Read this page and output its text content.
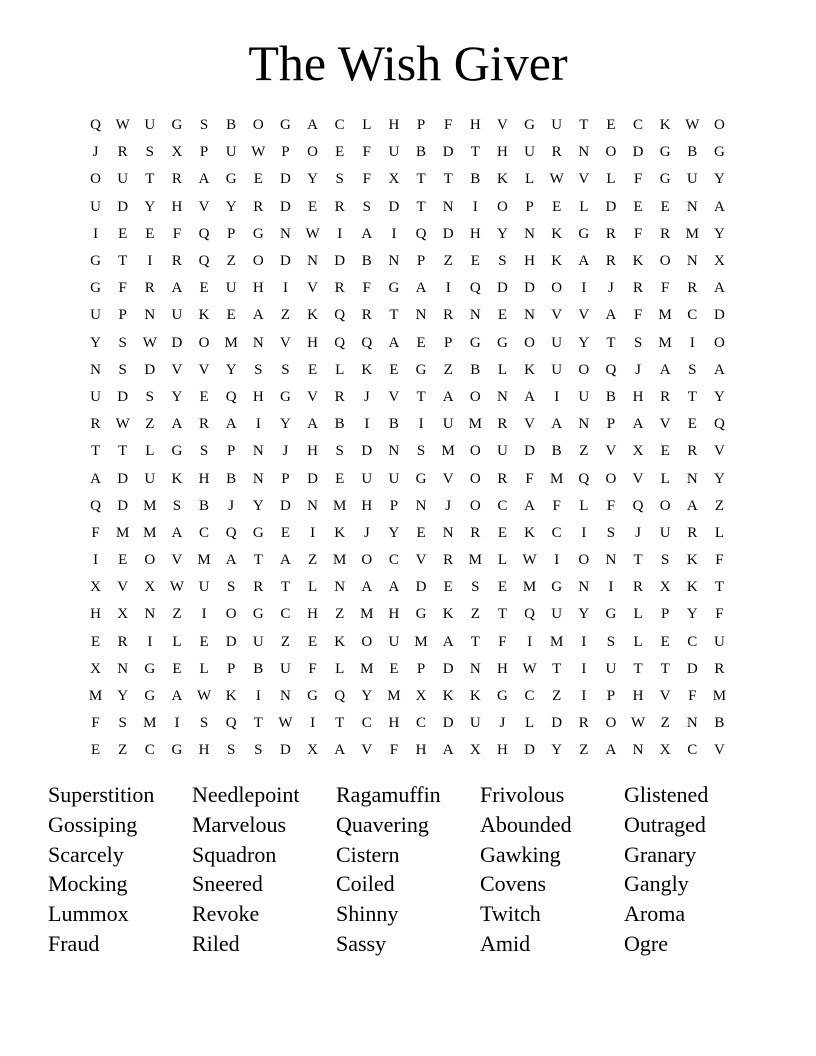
The Wish Giver
Q W U	G	S	B	O	G	A	C	L	H	P	F	H	V	G	U	T	E	C	K W O
J	R	S	X	P	U W	P	O	E	F	U	B	D	T	H	U	R	N	O	D	G	B	G
O	U	T	R	A	G	E	D	Y	S	F	X	T	T	B	K	L	W V	L	F	G	U	Y
U	D	Y	H	V	Y	R	D	E	R	S	D	T	N	I	O	P	E	L	D	E	E	N	A
I	E	E	F	Q	P	G	N W	I	A	I	Q	D	H	Y	N	K	G	R	F	R	M	Y
G	T	I	R	Q	Z	O	D	N	D	B	N	P	Z	E	S	H	K	A	R	K	O	N	X
G	F	R	A	E	U	H	I	V	R	F	G	A	I	Q	D	D	O	I	J	R	F	R	A
U	P	N	U	K	E	A	Z	K	Q	R	T	N	R	N	E	N	V	V	A	F	M	C	D
Y	S	W D	O	M	N	V	H	Q	Q	A	E	P	G	G	O	U	Y	T	S	M	I	O
N	S	D	V	V	Y	S	S	E	L	K	E	G	Z	B	L	K	U	O	Q	J	A	S	A
U	D	S	Y	E	Q	H	G	V	R	J	V	T	A	O	N	A	I	U	B	H	R	T	Y
R	W	Z	A	R	A	I	Y	A	B	I	B	I	U	M	R	V	A	N	P	A	V	E	Q
T	T	L	G	S	P	N	J	H	S	D	N	S	M	O	U	D	B	Z	V	X	E	R	V
A	D	U	K	H	B	N	P	D	E	U	U	G	V	O	R	F	M	Q	O	V	L	N	Y
Q	D	M	S	B	J	Y	D	N	M	H	P	N	J	O	C	A	F	L	F	Q	O	A	Z
F	M M	A	C	Q	G	E	I	K	J	Y	E	N	R	E	K	C	I	S	J	U	R	L
I	E	O	V	M	A	T	A	Z	M	O	C	V	R	M	L	W	I	O	N	T	S	K	F
X	V	X W U	S	R	T	L	N	A	A	D	E	S	E	M	G	N	I	R	X	K	T
H	X	N	Z	I	O	G	C	H	Z	M	H	G	K	Z	T	Q	U	Y	G	L	P	Y	F
E	R	I	L	E	D	U	Z	E	K	O	U	M	A	T	F	I	M	I	S	L	E	C	U
X	N	G	E	L	P	B	U	F	L	M	E	P	D	N	H W	T	I	U	T	T	D	R
M	Y	G	A W K	I	N	G	Q	Y	M	X	K	K	G	C	Z	I	P	H	V	F	M
F	S	M	I	S	Q	T	W	I	T	C	H	C	D	U	J	L	D	R	O W	Z	N	B
E	Z	C	G	H	S	S	D	X	A	V	F	H	A	X	H	D	Y	Z	A	N	X	C	V
Superstition
Gossiping
Scarcely
Mocking
Lummox
Fraud
Needlepoint
Marvelous
Squadron
Sneered
Revoke
Riled
Ragamuffin
Quavering
Cistern
Coiled
Shinny
Sassy
Frivolous
Abounded
Gawking
Covens
Twitch
Amid
Glistened
Outraged
Granary
Gangly
Aroma
Ogre
